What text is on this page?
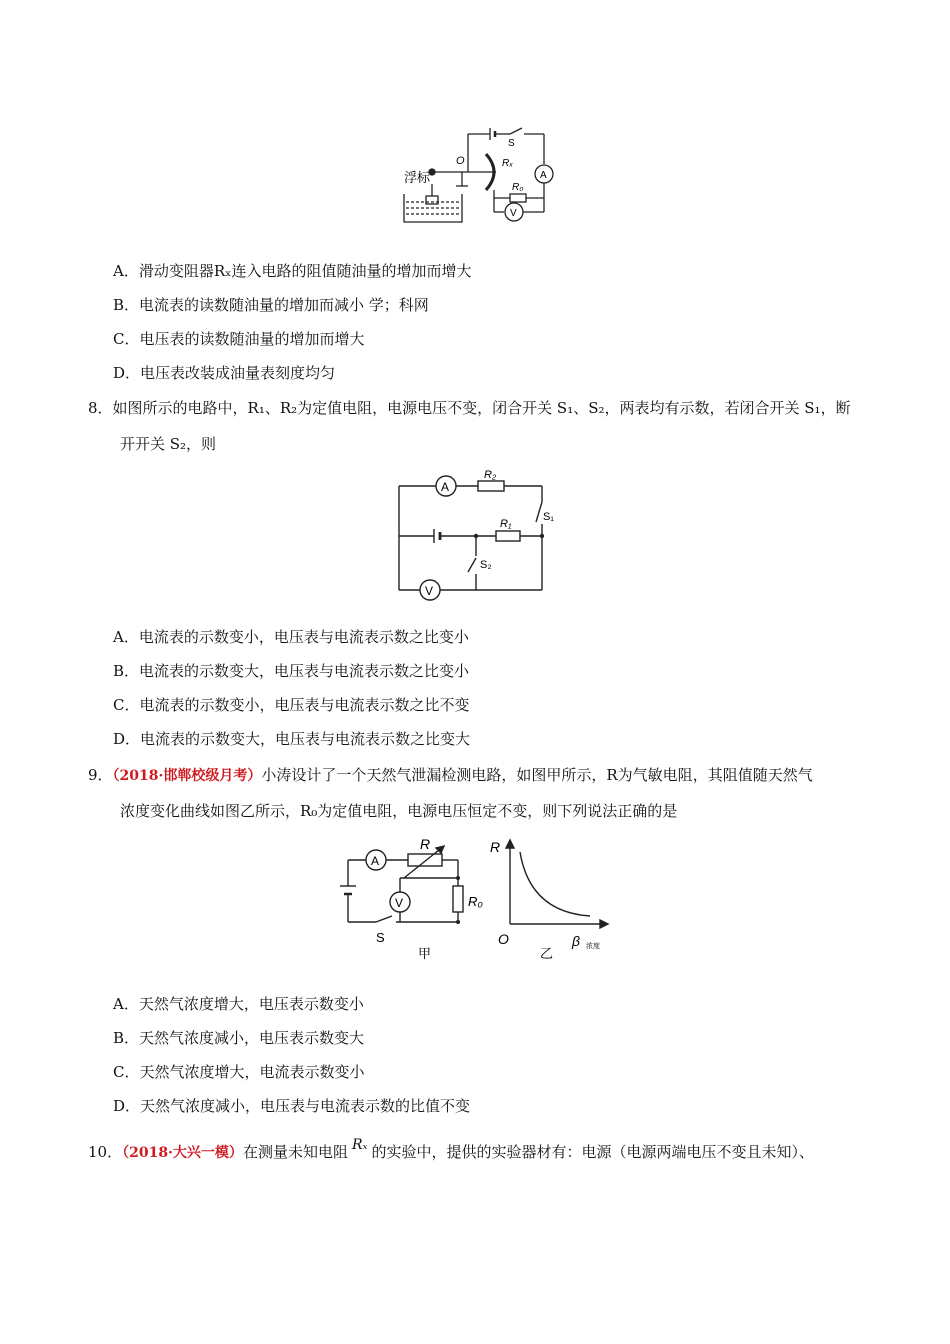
浮标
O
S
Rₓ
R₀
A
V
A．滑动变阻器Rₓ连入电路的阻值随油量的增加而增大
B．电流表的读数随油量的增加而减小 学；科网
C．电压表的读数随油量的增加而增大
D．电压表改装成油量表刻度均匀
8．如图所示的电路中，R₁、R₂为定值电阻，电源电压不变，闭合开关 S₁、S₂，两表均有示数，若闭合开关 S₁，断
开开关 S₂，则
A
V
R₂
R₁
S₁
S₂
A．电流表的示数变小，电压表与电流表示数之比变小
B．电流表的示数变大，电压表与电流表示数之比变小
C．电流表的示数变小，电压表与电流表示数之比不变
D．电流表的示数变大，电压表与电流表示数之比变大
9．（2018·邯郸校级月考）小涛设计了一个天然气泄漏检测电路，如图甲所示，R为气敏电阻，其阻值随天然气
浓度变化曲线如图乙所示，R₀为定值电阻，电源电压恒定不变，则下列说法正确的是
A
V
R
R₀
S
甲
R
O
乙
β 浓度
A．天然气浓度增大，电压表示数变小
B．天然气浓度减小，电压表示数变大
C．天然气浓度增大，电流表示数变小
D．天然气浓度减小，电压表与电流表示数的比值不变
10．（2018·大兴一模）在测量未知电阻 Rₓ 的实验中，提供的实验器材有：电源（电源两端电压不变且未知）、
